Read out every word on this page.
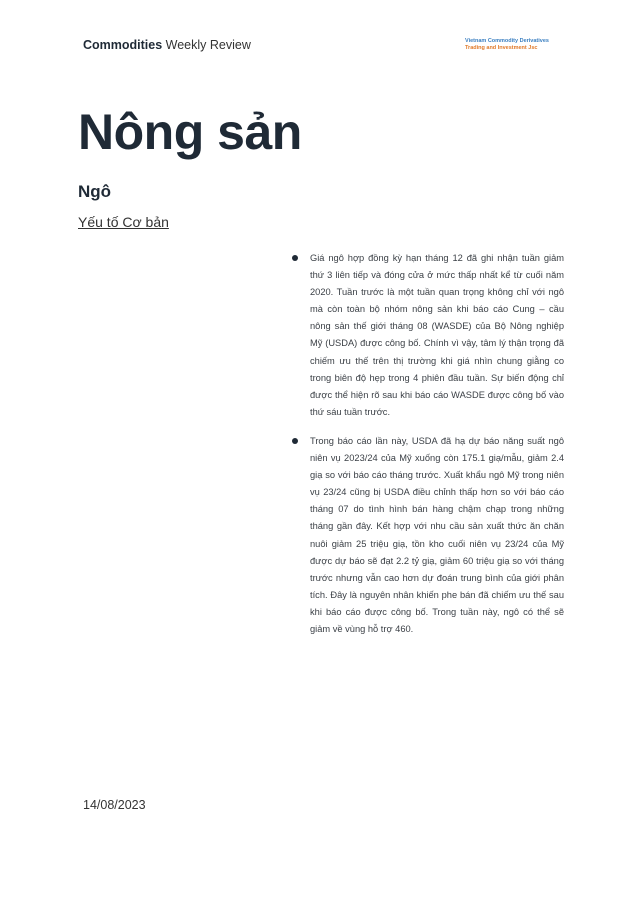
Commodities Weekly Review	Vietnam Commodity Derivatives
Trading and Investment Jsc
Nông sản
Ngô
Yếu tố Cơ bản
Giá ngô hợp đồng kỳ hạn tháng 12 đã ghi nhận tuần giảm thứ 3 liên tiếp và đóng cửa ở mức thấp nhất kể từ cuối năm 2020. Tuần trước là một tuần quan trọng không chỉ với ngô mà còn toàn bộ nhóm nông sản khi báo cáo Cung – cầu nông sản thế giới tháng 08 (WASDE) của Bộ Nông nghiệp Mỹ (USDA) được công bố. Chính vì vậy, tâm lý thận trọng đã chiếm ưu thế trên thị trường khi giá nhìn chung giằng co trong biên độ hẹp trong 4 phiên đầu tuần. Sự biến động chỉ được thể hiện rõ sau khi báo cáo WASDE được công bố vào thứ sáu tuần trước.
Trong báo cáo lần này, USDA đã hạ dự báo năng suất ngô niên vụ 2023/24 của Mỹ xuống còn 175.1 giạ/mẫu, giảm 2.4 giạ so với báo cáo tháng trước. Xuất khẩu ngô Mỹ trong niên vụ 23/24 cũng bị USDA điều chỉnh thấp hơn so với báo cáo tháng 07 do tình hình bán hàng chậm chạp trong những tháng gần đây. Kết hợp với nhu cầu sản xuất thức ăn chăn nuôi giảm 25 triệu giạ, tồn kho cuối niên vụ 23/24 của Mỹ được dự báo sẽ đạt 2.2 tỷ giạ, giảm 60 triệu giạ so với tháng trước nhưng vẫn cao hơn dự đoán trung bình của giới phân tích. Đây là nguyên nhân khiến phe bán đã chiếm ưu thế sau khi báo cáo được công bố. Trong tuần này, ngô có thể sẽ giảm về vùng hỗ trợ 460.
14/08/2023
